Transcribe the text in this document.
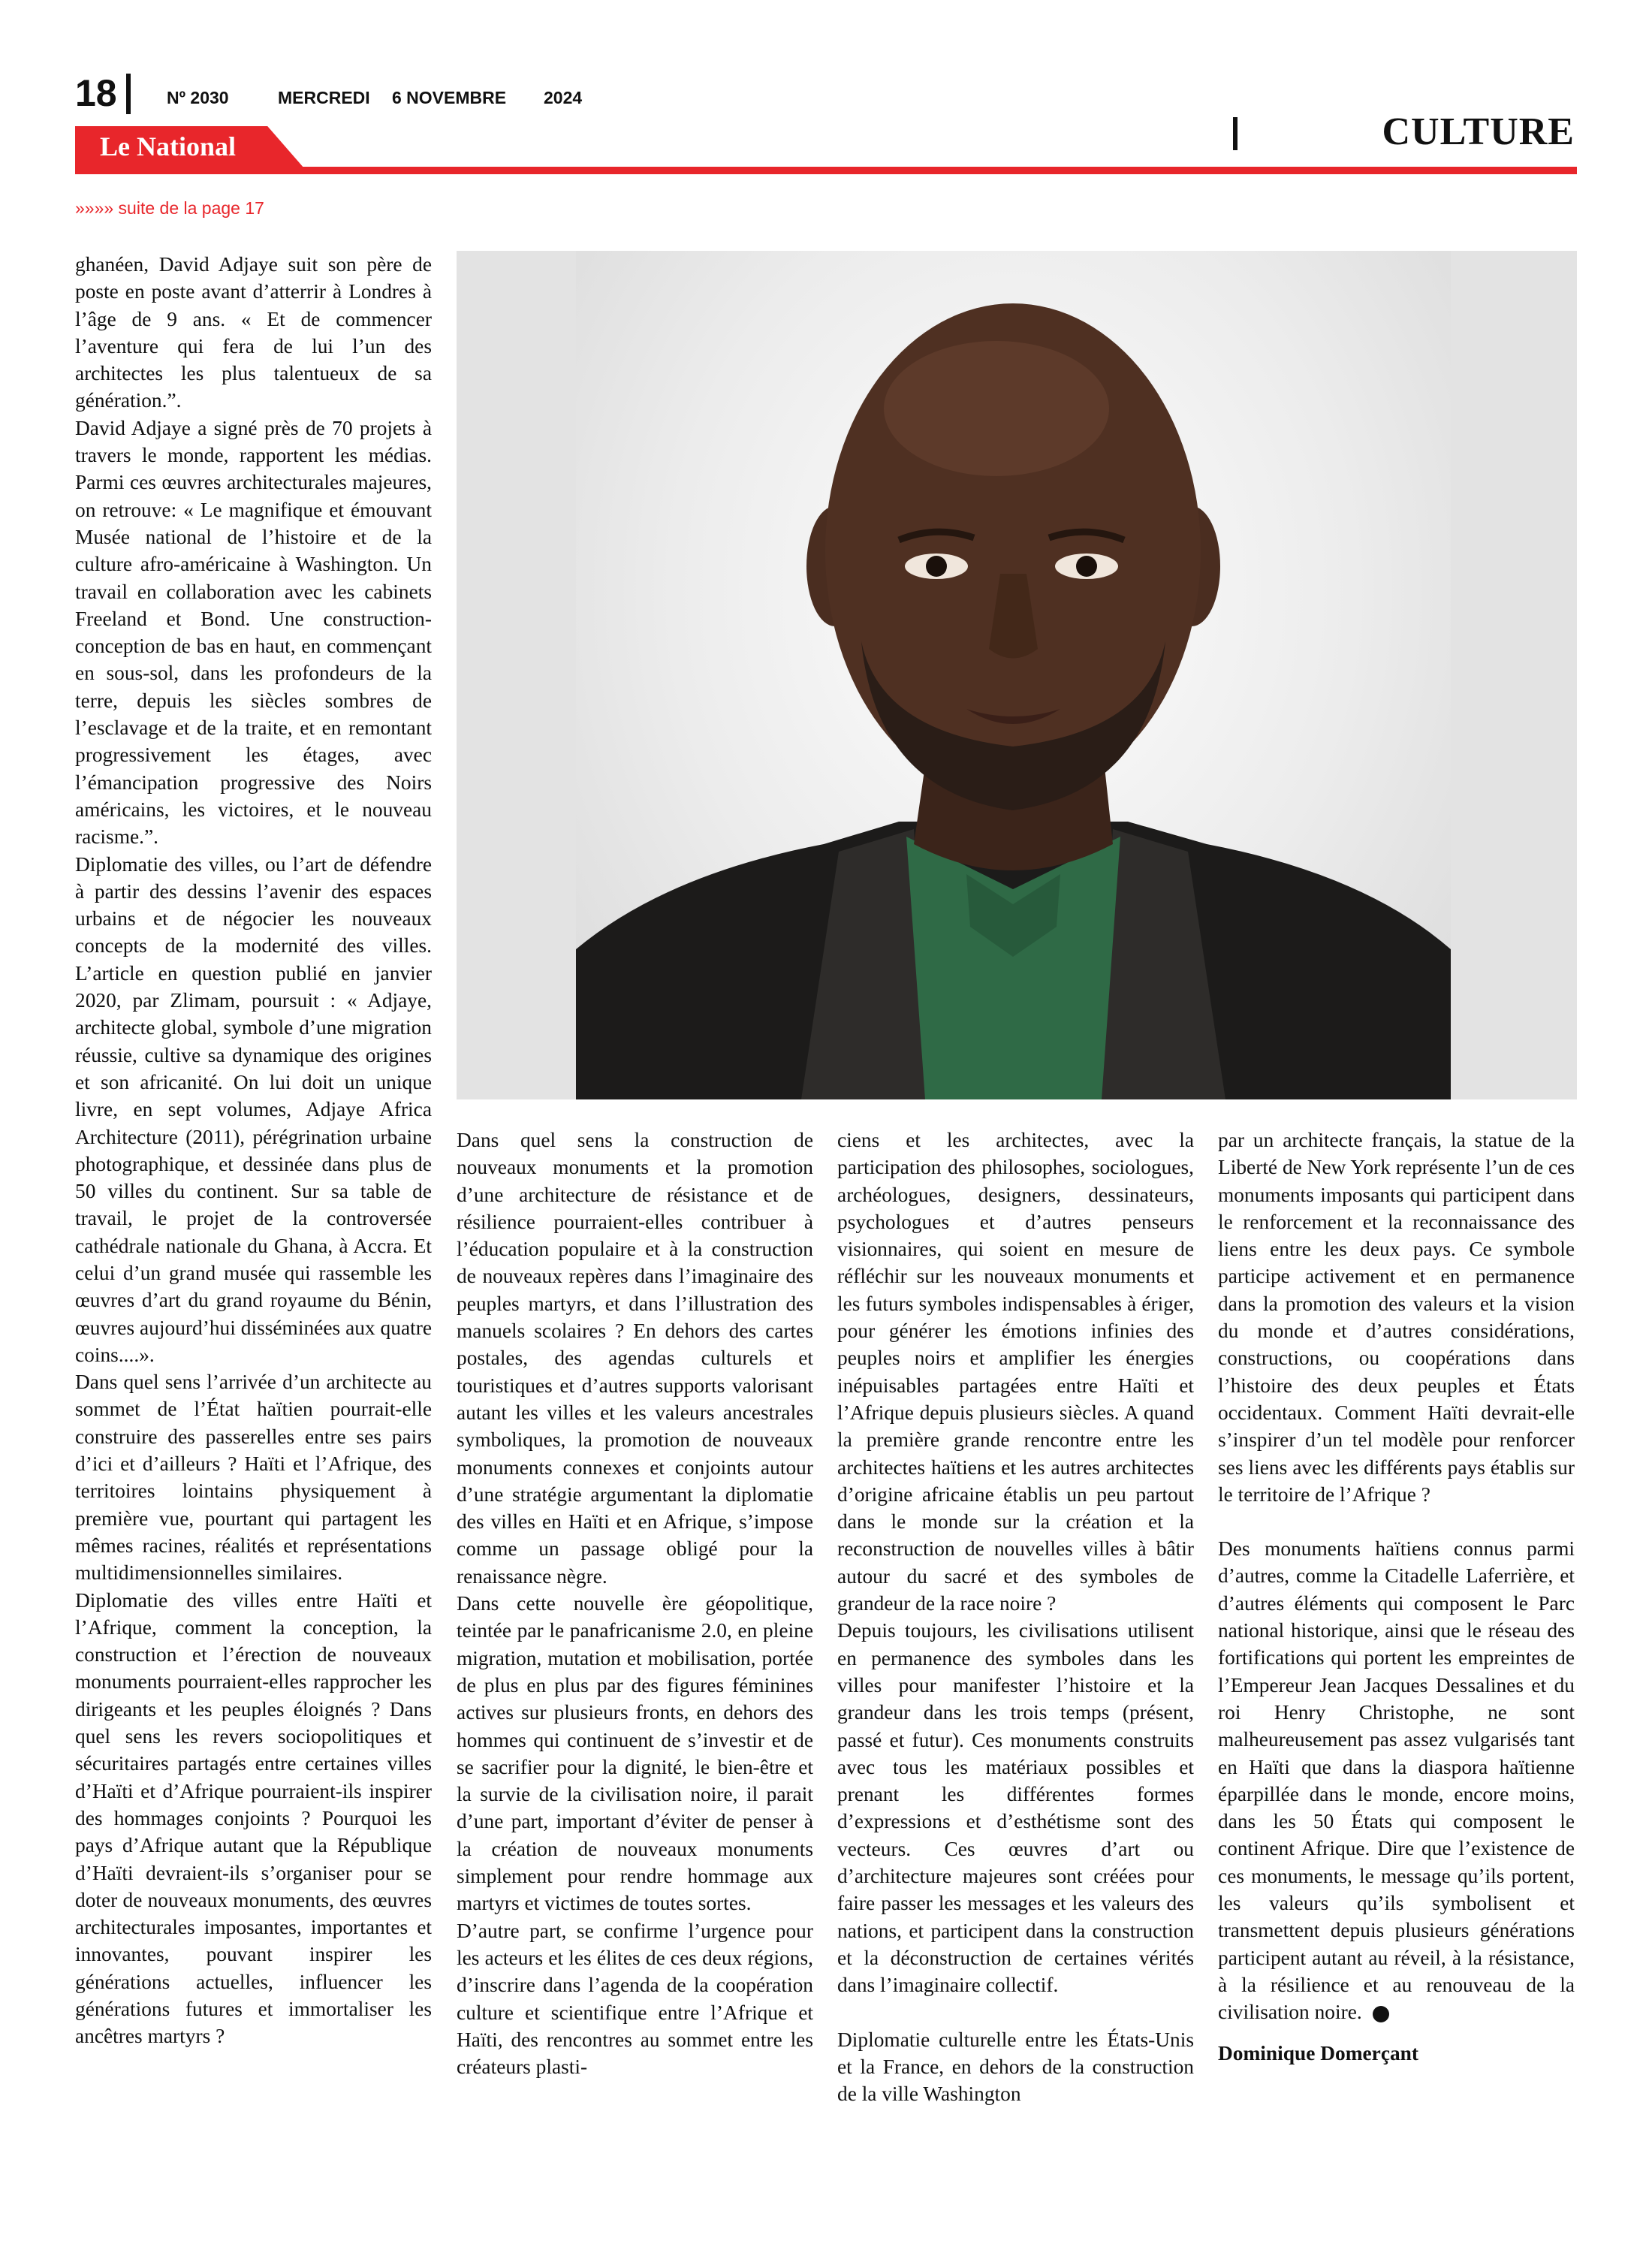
18	Nº 2030	MERCREDI 6 NOVEMBRE 2024
CULTURE
Le National
»»»» suite de la page 17

ghanéen, David Adjaye suit son père de poste en poste avant d’atterrir à Londres à l’âge de 9 ans. « Et de commencer l’aventure qui fera de lui l’un des architectes les plus talentueux de sa génération.”.

David Adjaye a signé près de 70 projets à travers le monde, rapportent les médias. Parmi ces œuvres architecturales majeures, on retrouve: « Le magnifique et émouvant Musée national de l’histoire et de la culture afro-américaine à Washington. Un travail en collaboration avec les cabinets Freeland et Bond. Une construction-conception de bas en haut, en commençant en sous-sol, dans les profondeurs de la terre, depuis les siècles sombres de l’esclavage et de la traite, et en remontant progressivement les étages, avec l’émancipation progressive des Noirs américains, les victoires, et le nouveau racisme.”.

Diplomatie des villes, ou l’art de défendre à partir des dessins l’avenir des espaces urbains et de négocier les nouveaux concepts de la modernité des villes. L’article en question publié en janvier 2020, par Zlimam, poursuit : « Adjaye, architecte global, symbole d’une migration réussie, cultive sa dynamique des origines et son africanité. On lui doit un unique livre, en sept volumes, Adjaye Africa Architecture (2011), pérégrination urbaine photographique, et dessinée dans plus de 50 villes du continent. Sur sa table de travail, le projet de la controversée cathédrale nationale du Ghana, à Accra. Et celui d’un grand musée qui rassemble les œuvres d’art du grand royaume du Bénin, œuvres aujourd’hui disséminées aux quatre coins....».

Dans quel sens l’arrivée d’un architecte au sommet de l’État haïtien pourrait-elle construire des passerelles entre ses pairs d’ici et d’ailleurs ? Haïti et l’Afrique, des territoires lointains physiquement à première vue, pourtant qui partagent les mêmes racines, réalités et représentations multidimensionnelles similaires.

Diplomatie des villes entre Haïti et l’Afrique, comment la conception, la construction et l’érection de nouveaux monuments pourraient-elles rapprocher les dirigeants et les peuples éloignés ? Dans quel sens les revers sociopolitiques et sécuritaires partagés entre certaines villes d’Haïti et d’Afrique pourraient-ils inspirer des hommages conjoints ? Pourquoi les pays d’Afrique autant que la République d’Haïti devraient-ils s’organiser pour se doter de nouveaux monuments, des œuvres architecturales imposantes, importantes et innovantes, pouvant inspirer les générations actuelles, influencer les générations futures et immortaliser les ancêtres martyrs ?

Dans quel sens la construction de nouveaux monuments et la promotion d’une architecture de résistance et de résilience pourraient-elles contribuer à l’éducation populaire et à la construction de nouveaux repères dans l’imaginaire des peuples martyrs, et dans l’illustration des manuels scolaires ? En dehors des cartes postales, des agendas culturels et touristiques et d’autres supports valorisant autant les villes et les valeurs ancestrales symboliques, la promotion de nouveaux monuments connexes et conjoints autour d’une stratégie argumentant la diplomatie des villes en Haïti et en Afrique, s’impose comme un passage obligé pour la renaissance nègre.

Dans cette nouvelle ère géopolitique, teintée par le panafricanisme 2.0, en pleine migration, mutation et mobilisation, portée de plus en plus par des figures féminines actives sur plusieurs fronts, en dehors des hommes qui continuent de s’investir et de se sacrifier pour la dignité, le bien-être et la survie de la civilisation noire, il parait d’une part, important d’éviter de penser à la création de nouveaux monuments simplement pour rendre hommage aux martyrs et victimes de toutes sortes.

D’autre part, se confirme l’urgence pour les acteurs et les élites de ces deux régions, d’inscrire dans l’agenda de la coopération culture et scientifique entre l’Afrique et Haïti, des rencontres au sommet entre les créateurs plasti-

ciens et les architectes, avec la participation des philosophes, sociologues, archéologues, designers, dessinateurs, psychologues et d’autres penseurs visionnaires, qui soient en mesure de réfléchir sur les nouveaux monuments et les futurs symboles indispensables à ériger, pour générer les émotions infinies des peuples noirs et amplifier les énergies inépuisables partagées entre Haïti et l’Afrique depuis plusieurs siècles. A quand la première grande rencontre entre les architectes haïtiens et les autres architectes d’origine africaine établis un peu partout dans le monde sur la création et la reconstruction de nouvelles villes à bâtir autour du sacré et des symboles de grandeur de la race noire ?

Depuis toujours, les civilisations utilisent en permanence des symboles dans les villes pour manifester l’histoire et la grandeur dans les trois temps (présent, passé et futur). Ces monuments construits avec tous les matériaux possibles et prenant les différentes formes d’expressions et d’esthétisme sont des vecteurs. Ces œuvres d’art ou d’architecture majeures sont créées pour faire passer les messages et les valeurs des nations, et participent dans la construction et la déconstruction de certaines vérités dans l’imaginaire collectif.

Diplomatie culturelle entre les États-Unis et la France, en dehors de la construction de la ville Washington

par un architecte français, la statue de la Liberté de New York représente l’un de ces monuments imposants qui participent dans le renforcement et la reconnaissance des liens entre les deux pays. Ce symbole participe activement et en permanence dans la promotion des valeurs et la vision du monde et d’autres considérations, constructions, ou coopérations dans l’histoire des deux peuples et États occidentaux. Comment Haïti devrait-elle s’inspirer d’un tel modèle pour renforcer ses liens avec les différents pays établis sur le territoire de l’Afrique ?

Des monuments haïtiens connus parmi d’autres, comme la Citadelle Laferrière, et d’autres éléments qui composent le Parc national historique, ainsi que le réseau des fortifications qui portent les empreintes de l’Empereur Jean Jacques Dessalines et du roi Henry Christophe, ne sont malheureusement pas assez vulgarisés tant en Haïti que dans la diaspora haïtienne éparpillée dans le monde, encore moins, dans les 50 États qui composent le continent Afrique. Dire que l’existence de ces monuments, le message qu’ils portent, les valeurs qu’ils symbolisent et transmettent depuis plusieurs générations participent autant au réveil, à la résistance, à la résilience et au renouveau de la civilisation noire.

Dominique Domerçant
